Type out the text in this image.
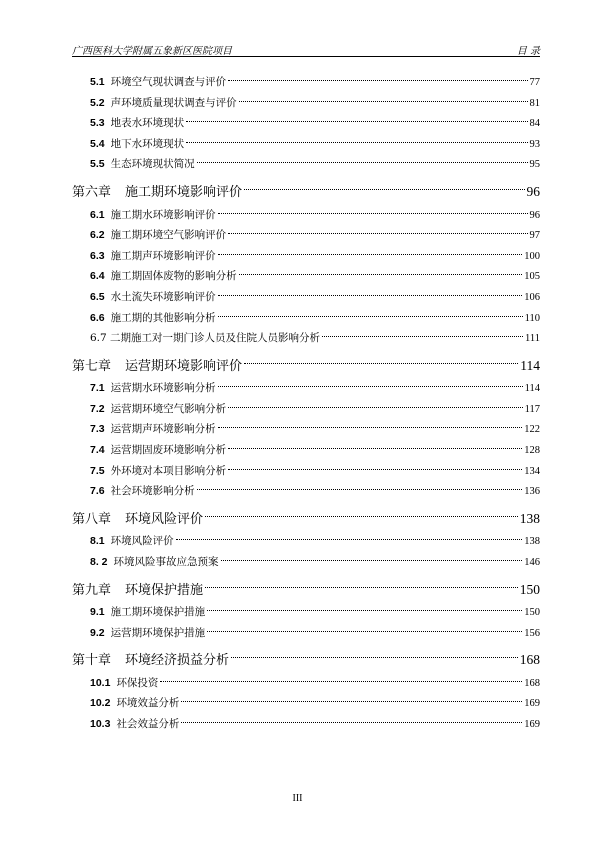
广西医科大学附属五象新区医院项目	目 录
5.1 环境空气现状调查与评价	77
5.2 声环境质量现状调查与评价	81
5.3 地表水环境现状	84
5.4 地下水环境现状	93
5.5 生态环境现状简况	95
第六章 施工期环境影响评价	96
6.1 施工期水环境影响评价	96
6.2 施工期环境空气影响评价	97
6.3 施工期声环境影响评价	100
6.4 施工期固体废物的影响分析	105
6.5 水土流失环境影响评价	106
6.6 施工期的其他影响分析	110
6.7 二期施工对一期门诊人员及住院人员影响分析	111
第七章 运营期环境影响评价	114
7.1 运营期水环境影响分析	114
7.2 运营期环境空气影响分析	117
7.3 运营期声环境影响分析	122
7.4 运营期固废环境影响分析	128
7.5 外环境对本项目影响分析	134
7.6 社会环境影响分析	136
第八章 环境风险评价	138
8.1 环境风险评价	138
8. 2 环境风险事故应急预案	146
第九章 环境保护措施	150
9.1 施工期环境保护措施	150
9.2 运营期环境保护措施	156
第十章 环境经济损益分析	168
10.1 环保投资	168
10.2 环境效益分析	169
10.3 社会效益分析	169
III
